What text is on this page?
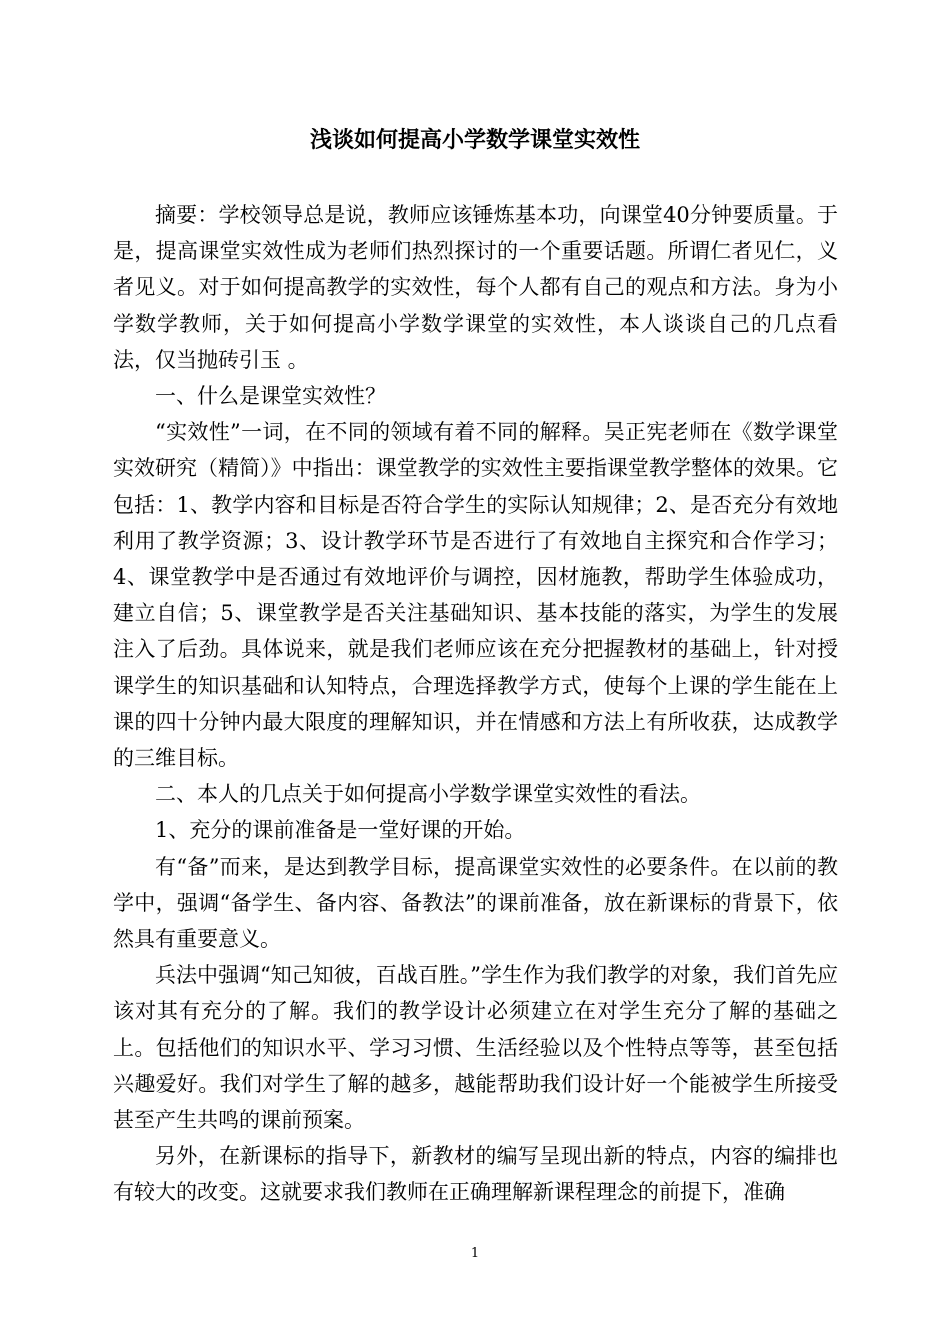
浅谈如何提高小学数学课堂实效性

摘要：学校领导总是说，教师应该锤炼基本功，向课堂40分钟要质量。于是，提高课堂实效性成为老师们热烈探讨的一个重要话题。所谓仁者见仁，义者见义。对于如何提高教学的实效性，每个人都有自己的观点和方法。身为小学数学教师，关于如何提高小学数学课堂的实效性，本人谈谈自己的几点看法，仅当抛砖引玉 。

一、什么是课堂实效性？

“实效性”一词，在不同的领域有着不同的解释。吴正宪老师在《数学课堂实效研究（精简）》中指出：课堂教学的实效性主要指课堂教学整体的效果。它包括：1、教学内容和目标是否符合学生的实际认知规律；2、是否充分有效地利用了教学资源；3、设计教学环节是否进行了有效地自主探究和合作学习；4、课堂教学中是否通过有效地评价与调控，因材施教，帮助学生体验成功，建立自信；5、课堂教学是否关注基础知识、基本技能的落实，为学生的发展注入了后劲。具体说来，就是我们老师应该在充分把握教材的基础上，针对授课学生的知识基础和认知特点，合理选择教学方式，使每个上课的学生能在上课的四十分钟内最大限度的理解知识，并在情感和方法上有所收获，达成教学的三维目标。

二、本人的几点关于如何提高小学数学课堂实效性的看法。

1、充分的课前准备是一堂好课的开始。

有“备”而来，是达到教学目标，提高课堂实效性的必要条件。在以前的教学中，强调“备学生、备内容、备教法”的课前准备，放在新课标的背景下，依然具有重要意义。

兵法中强调“知己知彼，百战百胜。”学生作为我们教学的对象，我们首先应该对其有充分的了解。我们的教学设计必须建立在对学生充分了解的基础之上。包括他们的知识水平、学习习惯、生活经验以及个性特点等等，甚至包括兴趣爱好。我们对学生了解的越多，越能帮助我们设计好一个能被学生所接受甚至产生共鸣的课前预案。

另外，在新课标的指导下，新教材的编写呈现出新的特点，内容的编排也有较大的改变。这就要求我们教师在正确理解新课程理念的前提下，准确

1
